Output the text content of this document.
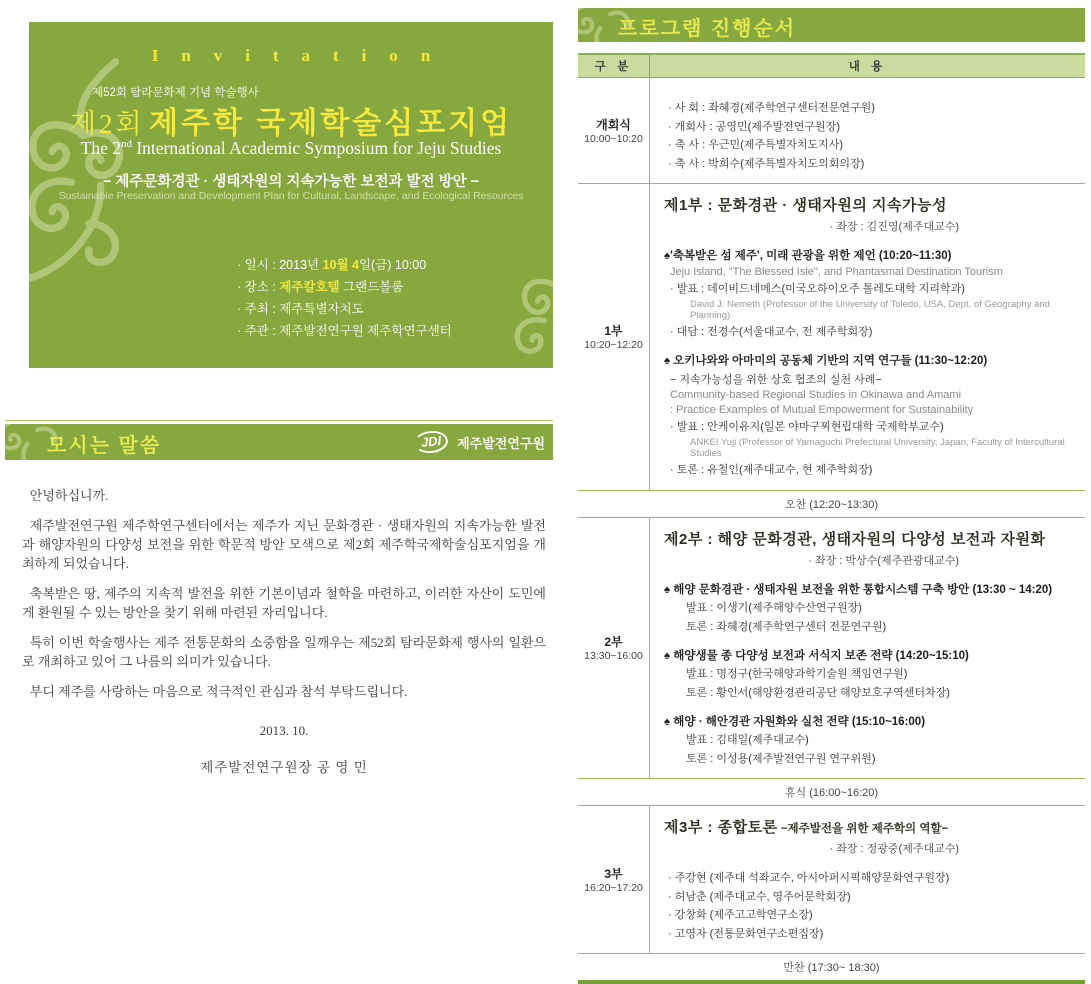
Invitation
제52회 탐라문화제 기념 학술행사
제2회 제주학 국제학술심포지엄
The 2nd International Academic Symposium for Jeju Studies
− 제주문화경관 · 생태자원의 지속가능한 보전과 발전 방안 −
Sustainable Preservation and Development Plan for Cultural, Landscape, and Ecological Resources
· 일시 : 2013년 10월 4일(금) 10:00
· 장소 : 제주칼호텔 그랜드볼룸
· 주최 : 제주특별자치도
· 주관 : 제주발전연구원 제주학연구센터
모시는 말씀	JDI 제주발전연구원

안녕하십니까.

제주발전연구원 제주학연구센터에서는 제주가 지닌 문화경관 · 생태자원의 지속가능한 발전과 해양자원의 다양성 보전을 위한 학문적 방안 모색으로 제2회 제주학국제학술심포지엄을 개최하게 되었습니다.

축복받은 땅, 제주의 지속적 발전을 위한 기본이념과 철학을 마련하고, 이러한 자산이 도민에게 환원될 수 있는 방안을 찾기 위해 마련된 자리입니다.

특히 이번 학술행사는 제주 전통문화의 소중함을 일깨우는 제52회 탐라문화제 행사의 일환으로 개최하고 있어 그 나름의 의미가 있습니다.

부디 제주를 사랑하는 마음으로 적극적인 관심과 참석 부탁드립니다.

2013. 10.
제주발전연구원장 공 영 민
프로그램 진행순서
구 분	내 용
개회식
10:00~10:20
· 사 회 : 좌혜경(제주학연구센터전문연구원)
· 개회사 : 공영민(제주발전연구원장)
· 축 사 : 우근민(제주특별자치도지사)
· 축 사 : 박희수(제주특별자치도의회의장)
1부
10:20~12:20
제1부 : 문화경관 · 생태자원의 지속가능성
· 좌장 : 김진영(제주대교수)
♠'축복받은 섬 제주', 미래 관광을 위한 제언 (10:20~11:30)
Jeju Island, "The Blessed Isle", and Phantasmal Destination Tourism
· 발표 : 데이비드네메스(미국오하이오주 톨레도대학 지리학과)
David J. Nemeth (Professor of the University of Toledo, USA, Dept. of Geography and Planning)
· 대담 : 전경수(서울대교수, 전 제주학회장)
♠ 오키나와와 아마미의 공동체 기반의 지역 연구들 (11:30~12:20)
− 지속가능성을 위한 상호 협조의 실천 사례−
Community-based Regional Studies in Okinawa and Amami
: Practice Examples of Mutual Empowerment for Sustainability
· 발표 : 안케이유지(일본 야마구찌현립대학 국제학부교수)
ANKEI Yuji (Professor of Yamaguchi Prefectural University, Japan, Faculty of Intercultural Studies
· 토론 : 유철인(제주대교수, 현 제주학회장)
오찬 (12:20~13:30)
2부
13:30~16:00
제2부 : 해양 문화경관, 생태자원의 다양성 보전과 자원화
· 좌장 : 박상수(제주관광대교수)
♠ 해양 문화경관 · 생태자원 보전을 위한 통합시스템 구축 방안 (13:30 ~ 14:20)
발표 : 이생기(제주해양수산연구원장)
토론 : 좌혜경(제주학연구센터 전문연구원)
♠ 해양생물 종 다양성 보전과 서식지 보존 전략 (14:20~15:10)
발표 : 명정구(한국해양과학기술원 책임연구원)
토론 : 황인서(해양환경관리공단 해양보호구역센터차장)
♠ 해양 · 해안경관 자원화와 실천 전략 (15:10~16:00)
발표 : 김태일(제주대교수)
토론 : 이성용(제주발전연구원 연구위원)
휴식 (16:00~16:20)
3부
16:20~17:20
제3부 : 종합토론 −제주발전을 위한 제주학의 역할−
· 좌장 : 정광중(제주대교수)
· 주강현 (제주대 석좌교수, 아시아퍼시픽해양문화연구원장)
· 허남춘 (제주대교수, 영주어문학회장)
· 강창화 (제주고고학연구소장)
· 고영자 (전통문화연구소편집장)
만찬 (17:30~ 18:30)
